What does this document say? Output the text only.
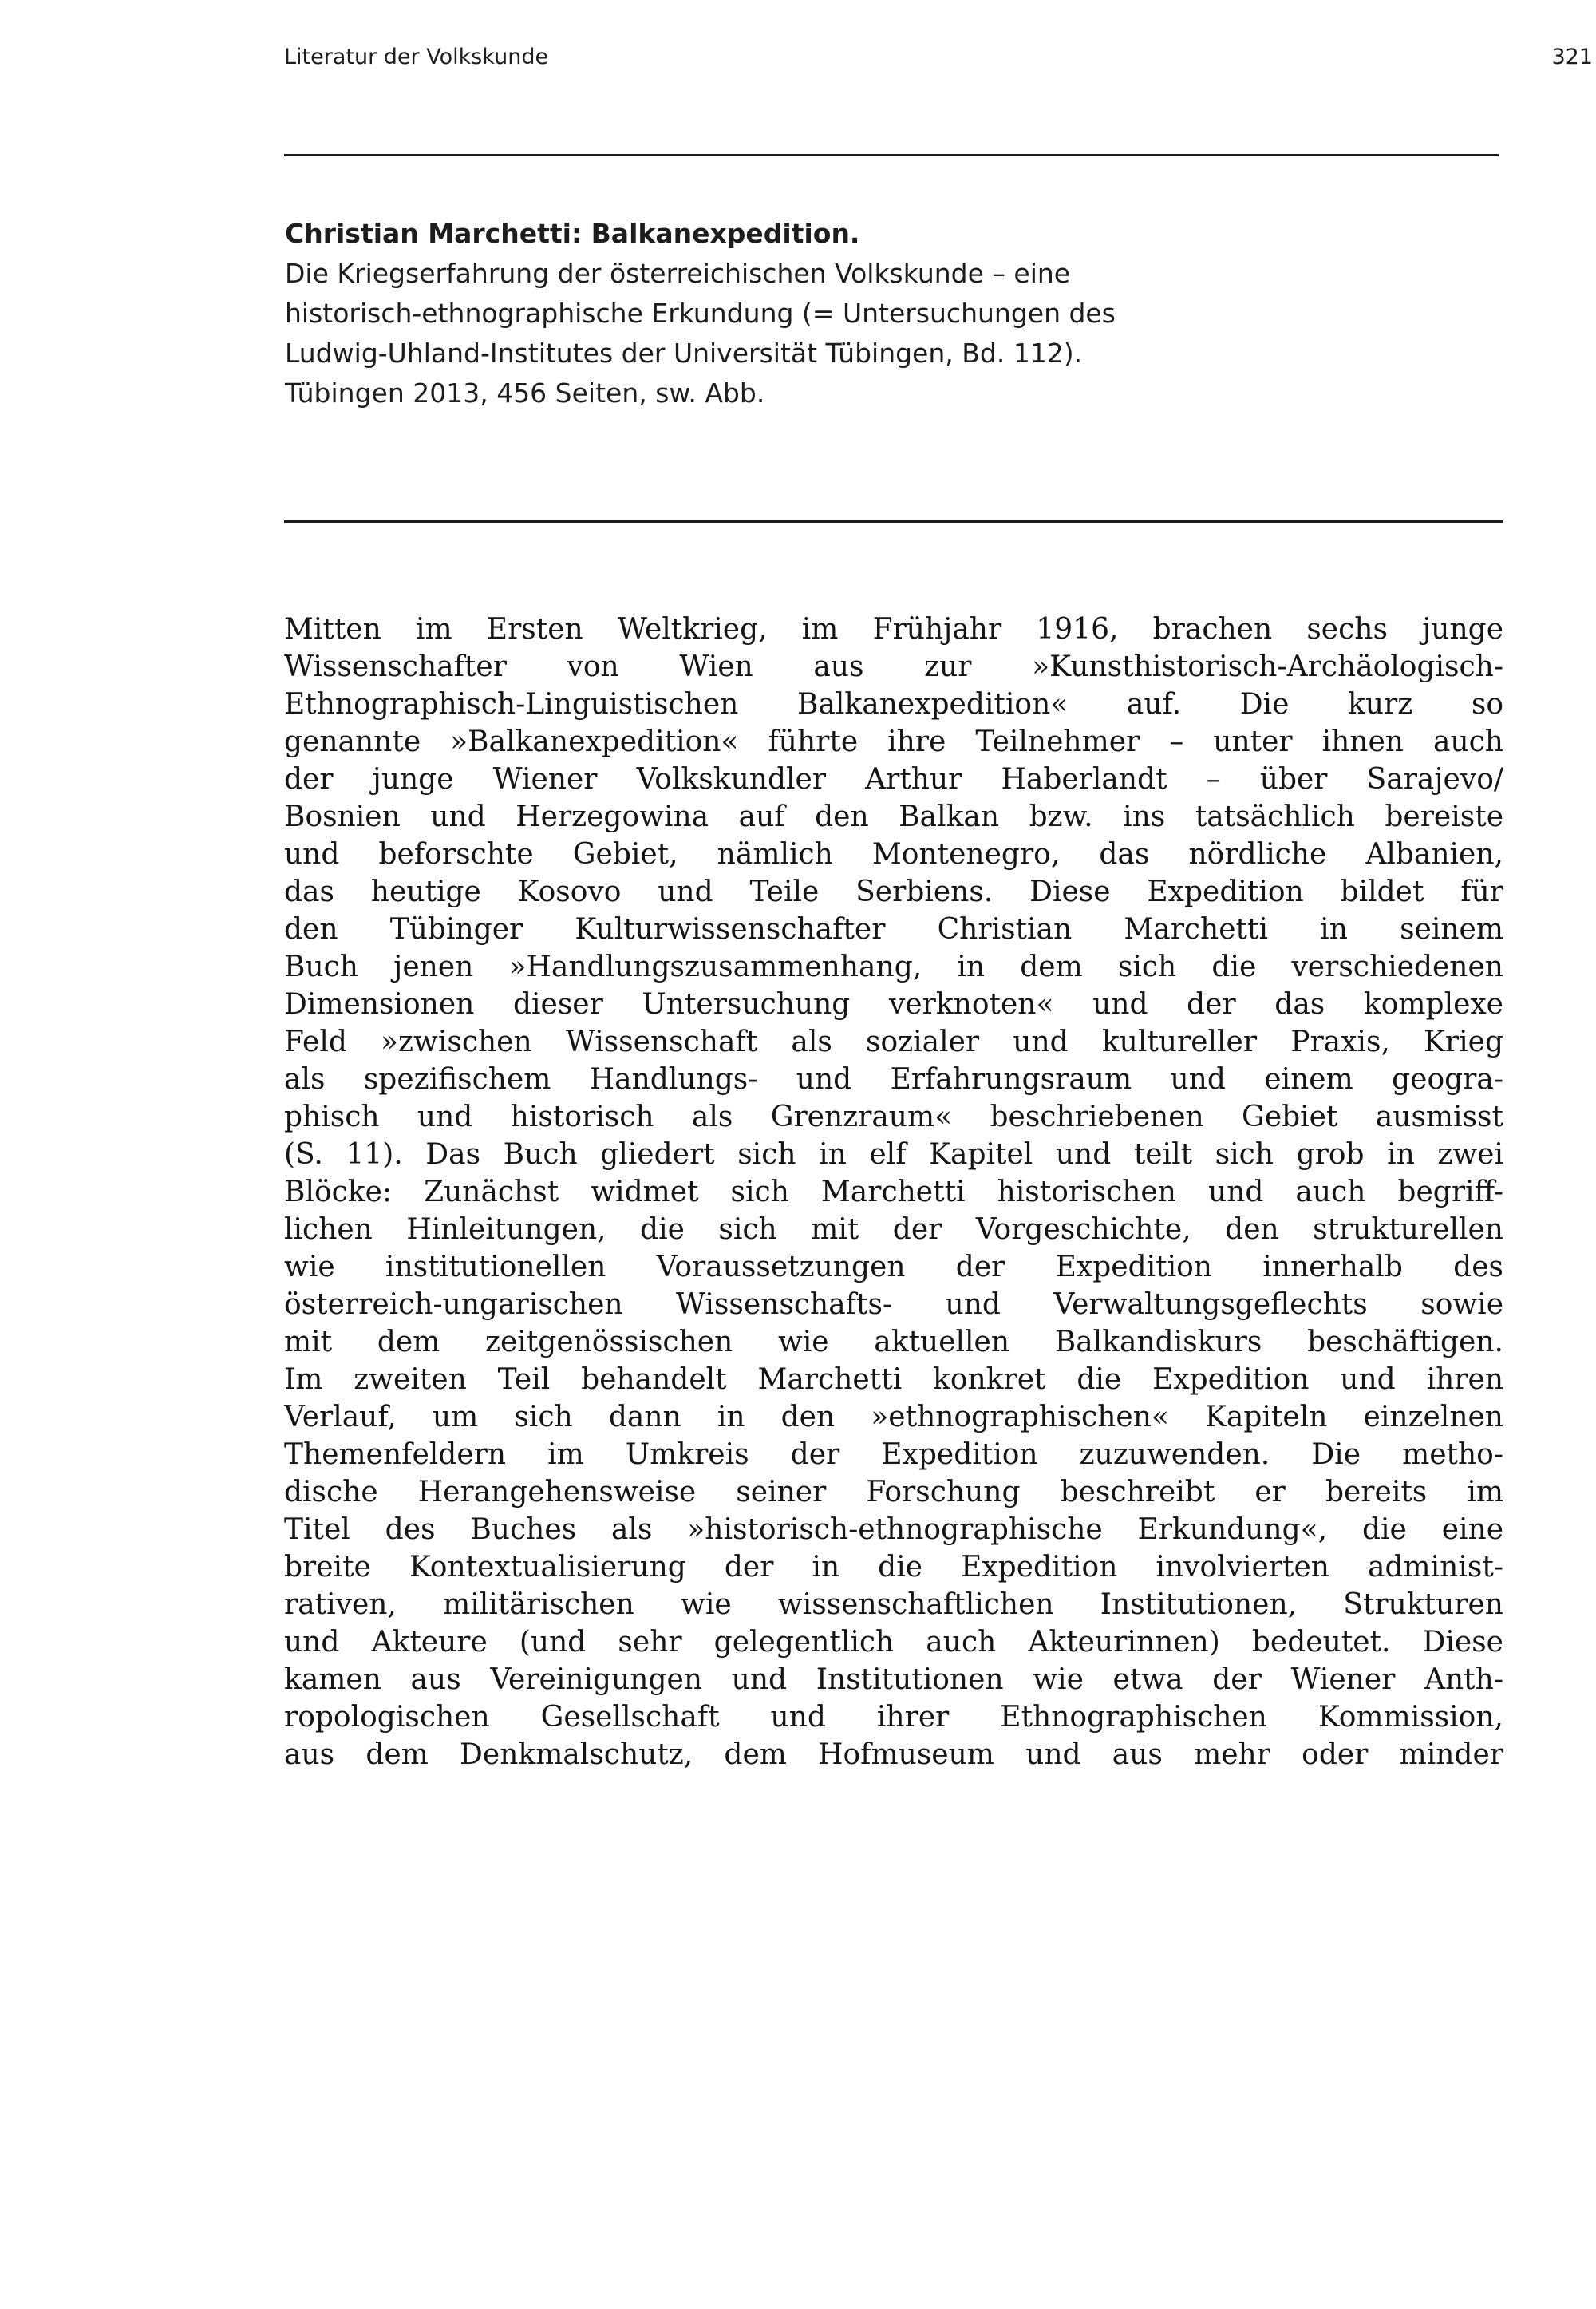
Literatur der Volkskunde	321
Christian Marchetti: Balkanexpedition.
Die Kriegserfahrung der österreichischen Volkskunde – eine
historisch-ethnographische Erkundung (= Untersuchungen des
Ludwig-Uhland-Institutes der Universität Tübingen, Bd. 112).
Tübingen 2013, 456 Seiten, sw. Abb.
Mitten im Ersten Weltkrieg, im Frühjahr 1916, brachen sechs junge
Wissenschafter von Wien aus zur »Kunsthistorisch-Archäologisch-
Ethnographisch-Linguistischen Balkanexpedition« auf. Die kurz so
genannte »Balkanexpedition« führte ihre Teilnehmer – unter ihnen auch
der junge Wiener Volkskundler Arthur Haberlandt – über Sarajevo/
Bosnien und Herzegowina auf den Balkan bzw. ins tatsächlich bereiste
und beforschte Gebiet, nämlich Montenegro, das nördliche Albanien,
das heutige Kosovo und Teile Serbiens. Diese Expedition bildet für
den Tübinger Kulturwissenschafter Christian Marchetti in seinem
Buch jenen »Handlungszusammenhang, in dem sich die verschiedenen
Dimensionen dieser Untersuchung verknoten« und der das komplexe
Feld »zwischen Wissenschaft als sozialer und kultureller Praxis, Krieg
als spezifischem Handlungs- und Erfahrungsraum und einem geogra-
phisch und historisch als Grenzraum« beschriebenen Gebiet ausmisst
(S. 11). Das Buch gliedert sich in elf Kapitel und teilt sich grob in zwei
Blöcke: Zunächst widmet sich Marchetti historischen und auch begriff-
lichen Hinleitungen, die sich mit der Vorgeschichte, den strukturellen
wie institutionellen Voraussetzungen der Expedition innerhalb des
österreich-ungarischen Wissenschafts- und Verwaltungsgeflechts sowie
mit dem zeitgenössischen wie aktuellen Balkandiskurs beschäftigen.
Im zweiten Teil behandelt Marchetti konkret die Expedition und ihren
Verlauf, um sich dann in den »ethnographischen« Kapiteln einzelnen
Themenfeldern im Umkreis der Expedition zuzuwenden. Die metho-
dische Herangehensweise seiner Forschung beschreibt er bereits im
Titel des Buches als »historisch-ethnographische Erkundung«, die eine
breite Kontextualisierung der in die Expedition involvierten administ-
rativen, militärischen wie wissenschaftlichen Institutionen, Strukturen
und Akteure (und sehr gelegentlich auch Akteurinnen) bedeutet. Diese
kamen aus Vereinigungen und Institutionen wie etwa der Wiener Anth-
ropologischen Gesellschaft und ihrer Ethnographischen Kommission,
aus dem Denkmalschutz, dem Hofmuseum und aus mehr oder minder
